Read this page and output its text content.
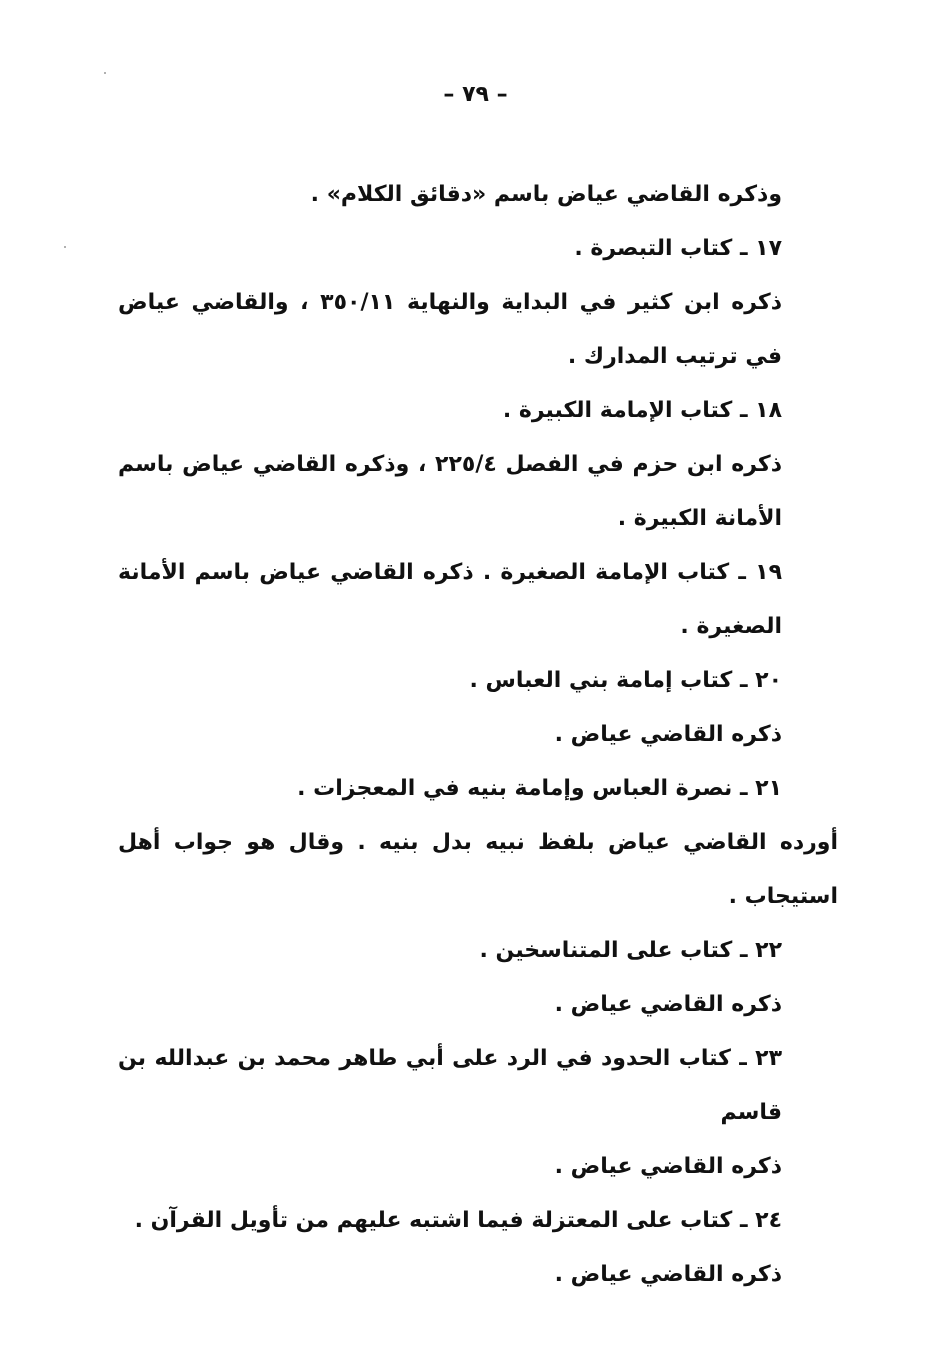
– ٧٩ –

وذكره القاضي عياض باسم «دقائق الكلام» .

١٧ ـ كتاب التبصرة .

ذكره ابن كثير في البداية والنهاية ٣٥٠/١١ ، والقاضي عياض في ترتيب المدارك .

١٨ ـ كتاب الإمامة الكبيرة .

ذكره ابن حزم في الفصل ٢٢٥/٤ ، وذكره القاضي عياض باسم الأمانة الكبيرة .

١٩ ـ كتاب الإمامة الصغيرة . ذكره القاضي عياض باسم الأمانة الصغيرة .

٢٠ ـ كتاب إمامة بني العباس .

ذكره القاضي عياض .

٢١ ـ نصرة العباس وإمامة بنيه في المعجزات .

أورده القاضي عياض بلفظ نبيه بدل بنيه . وقال هو جواب أهل استيجاب .

٢٢ ـ كتاب على المتناسخين .

ذكره القاضي عياض .

٢٣ ـ كتاب الحدود في الرد على أبي طاهر محمد بن عبدالله بن قاسم

ذكره القاضي عياض .

٢٤ ـ كتاب على المعتزلة فيما اشتبه عليهم من تأويل القرآن .

ذكره القاضي عياض .
